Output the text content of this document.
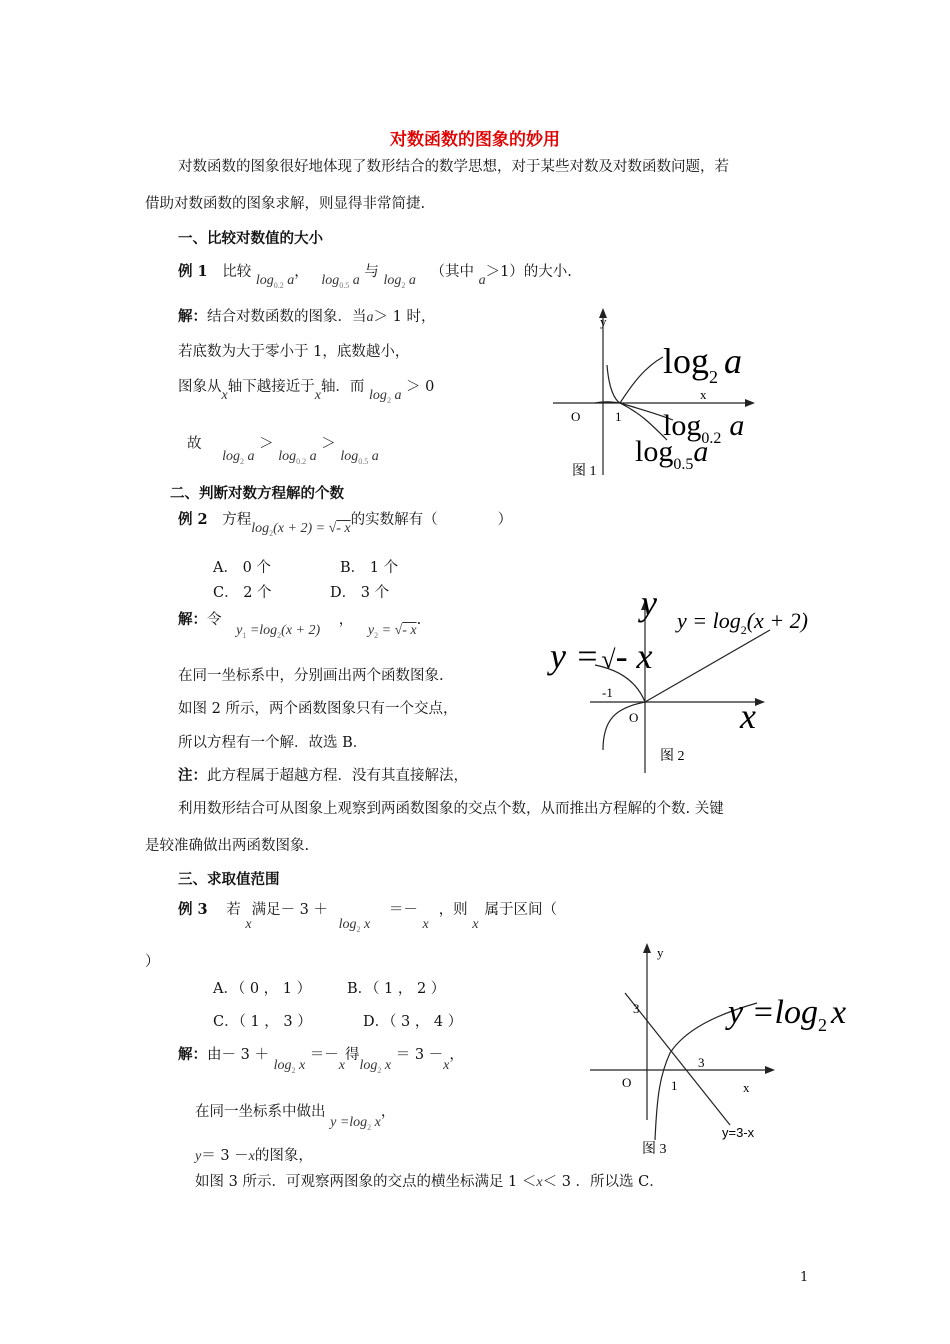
对数函数的图象的妙用
对数函数的图象很好地体现了数形结合的数学思想，对于某些对数及对数函数问题，若
借助对数函数的图象求解，则显得非常简捷.
一、比较对数值的大小
例 1 比较 $\log_{0.2} a$， $\log_{0.5} a$ 与 $\log_2 a$ （其中 a＞1）的大小.
解：结合对数函数的图象．当a＞ 1 时，
若底数为大于零小于 1，底数越小，
图象从x轴下越接近于x轴．而 $\log_2 a > 0$
故 $\log_2 a > \log_{0.2} a > \log_{0.5} a$
y
x
O	1
$\log_2 a$
$\log_{0.2} a$
$\log_{0.5}a$
图 1
二、判断对数方程解的个数
例 2 方程$\log_2(x + 2)$ = √- x的实数解有（	）
A． 0 个	B． 1 个
C． 2 个	D． 3 个
解：令 $y_1 =\log_2(x + 2)$ ， $y_2$ = √- x.
在同一坐标系中，分别画出两个函数图象.
如图 2 所示，两个函数图象只有一个交点，
所以方程有一个解．故选 B．
注：此方程属于超越方程．没有其直接解法，
利用数形结合可从图象上观察到两函数图象的交点个数，从而推出方程解的个数. 关键
是较准确做出两函数图象.
-1
O	x
y
y =√- x
$y = \log_2(x + 2)$
图 2
三、求取值范围
例 3 若 x满足－ $3 + \log_2 x =- x$，则 x属于区间（
）
A．（ 0 ， 1 ） B．（ 1 ， 2 ）
C．（ 1 ， 3 ）	D．（ 3 ， 4 ）
解：由－ $3 + \log_2 x =-x$得$\log_2 x = 3 -x$，
在同一坐标系中做出 $y =\log_2$ x，
y＝ 3 －x的图象，
如图 3 所示．可观察两图象的交点的横坐标满足 1 ＜x＜ 3 ．所以选 C．
y
x
O
3
3
1
y=3-x
$y =\log_2$ x
图 3
1
